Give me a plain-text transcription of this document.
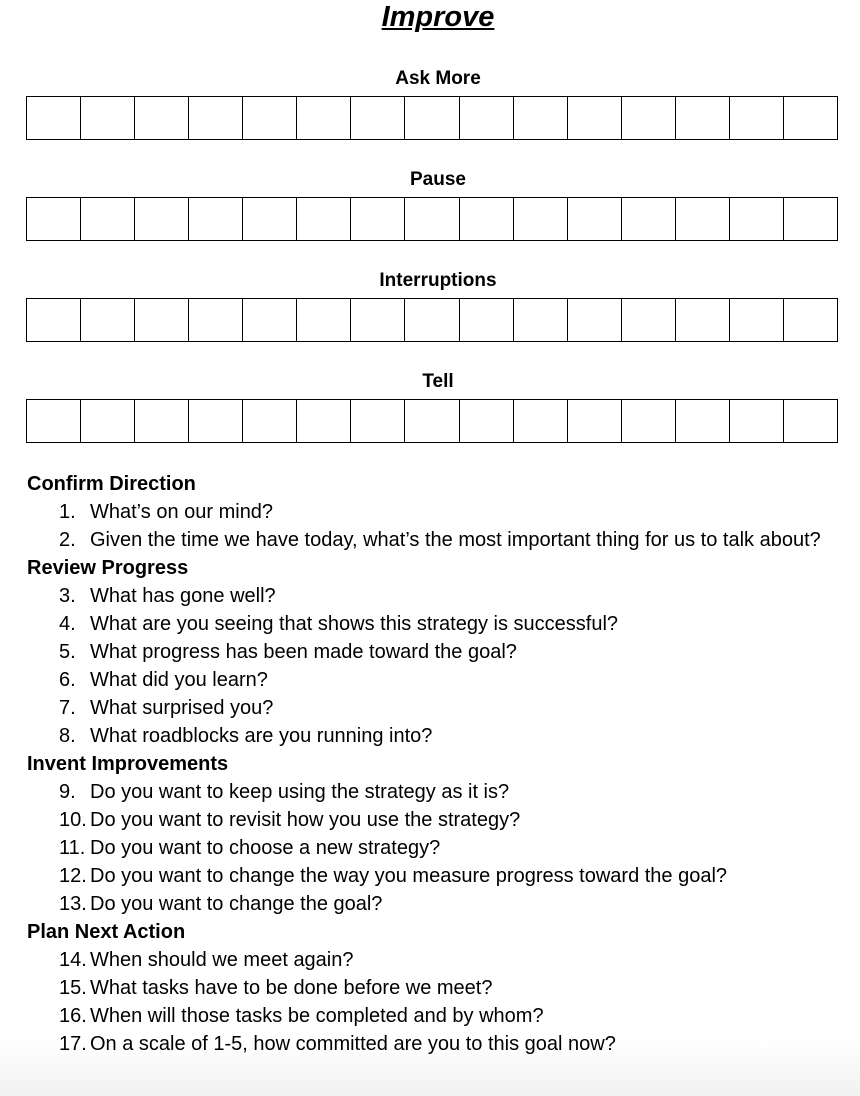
Improve
Ask More
Pause
Interruptions
Tell
Confirm Direction
1. What’s on our mind?
2. Given the time we have today, what’s the most important thing for us to talk about?
Review Progress
3. What has gone well?
4. What are you seeing that shows this strategy is successful?
5. What progress has been made toward the goal?
6. What did you learn?
7. What surprised you?
8. What roadblocks are you running into?
Invent Improvements
9. Do you want to keep using the strategy as it is?
10. Do you want to revisit how you use the strategy?
11. Do you want to choose a new strategy?
12. Do you want to change the way you measure progress toward the goal?
13. Do you want to change the goal?
Plan Next Action
14. When should we meet again?
15. What tasks have to be done before we meet?
16. When will those tasks be completed and by whom?
17. On a scale of 1-5, how committed are you to this goal now?
